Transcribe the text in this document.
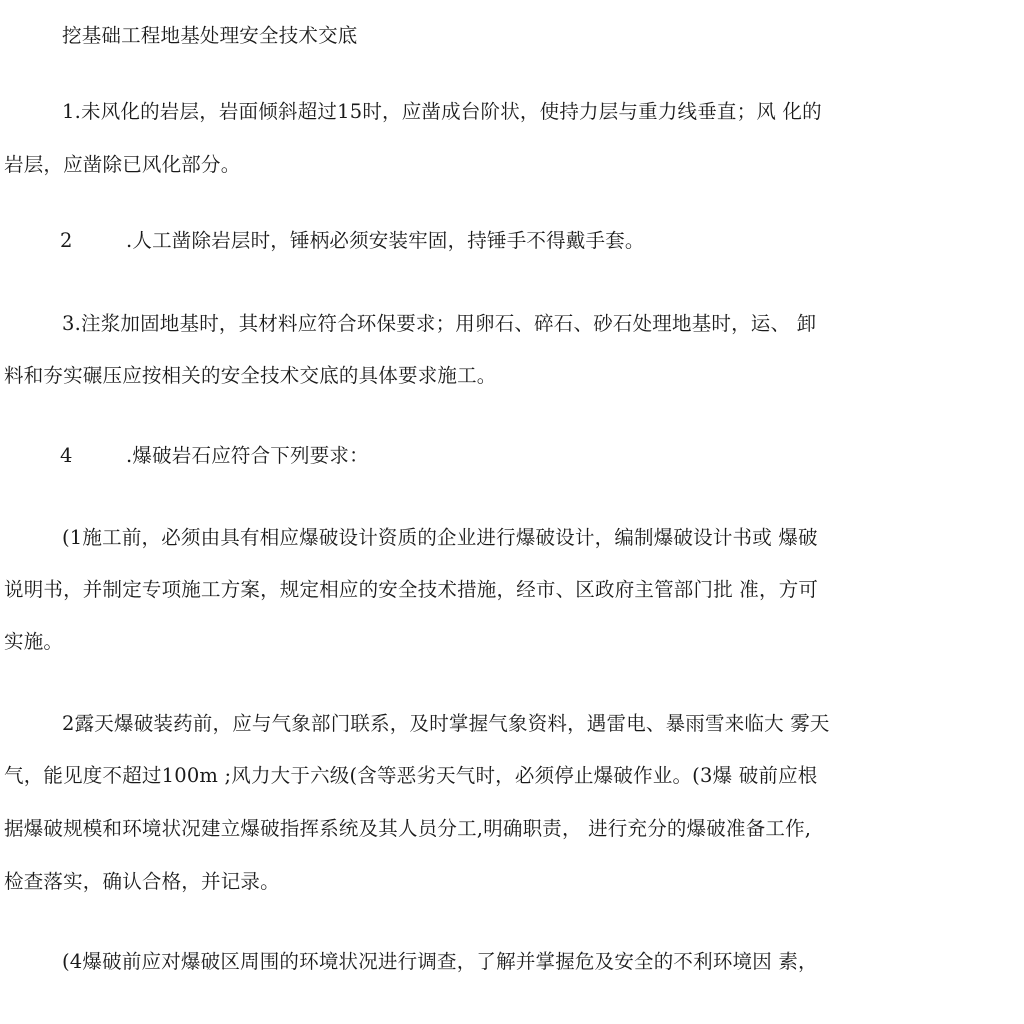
挖基础工程地基处理安全技术交底
1.未风化的岩层，岩面倾斜超过15时，应凿成台阶状，使持力层与重力线垂直；风 化的
岩层，应凿除已风化部分。
2	.人工凿除岩层时，锤柄必须安装牢固，持锤手不得戴手套。
3.注浆加固地基时，其材料应符合环保要求；用卵石、碎石、砂石处理地基时，运、 卸
料和夯实碾压应按相关的安全技术交底的具体要求施工。
4	.爆破岩石应符合下列要求：
(1施工前，必须由具有相应爆破设计资质的企业进行爆破设计，编制爆破设计书或 爆破
说明书，并制定专项施工方案，规定相应的安全技术措施，经市、区政府主管部门批 准，方可
实施。
2露天爆破装药前，应与气象部门联系，及时掌握气象资料，遇雷电、暴雨雪来临大 雾天
气，能见度不超过100m ;风力大于六级(含等恶劣天气时，必须停止爆破作业。(3爆 破前应根
据爆破规模和环境状况建立爆破指挥系统及其人员分工,明确职责， 进行充分的爆破准备工作,
检查落实，确认合格，并记录。
(4爆破前应对爆破区周围的环境状况进行调查，了解并掌握危及安全的不利环境因 素，
